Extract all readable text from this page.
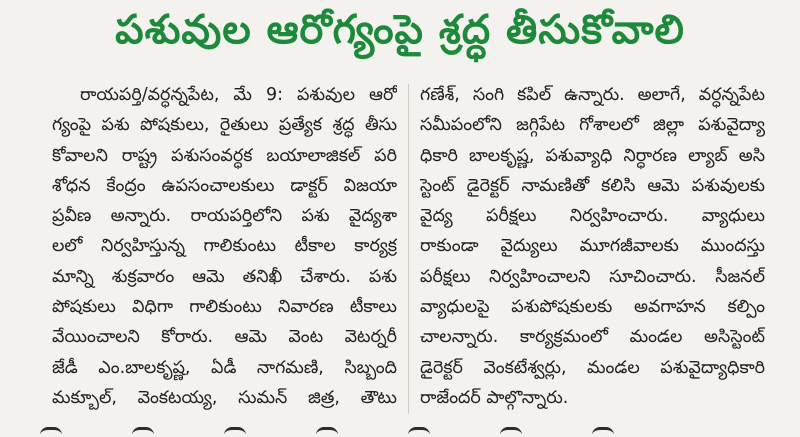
పశువుల ఆరోగ్యంపై శ్రద్ధ తీసుకోవాలి
రాయపర్తి/వర్ధన్నపేట, మే 9: పశువుల ఆరో
గ్యంపై పశు పోషకులు, రైతులు ప్రత్యేక శ్రద్ధ తీసు
కోవాలని రాష్ట్ర పశుసంవర్ధక బయాలాజికల్ పరి
శోధన కేంద్రం ఉపసంచాలకులు డాక్టర్ విజయా
ప్రవీణ అన్నారు. రాయపర్తిలోని పశు వైద్యశా
లలో నిర్వహిస్తున్న గాలికుంటు టీకాల కార్యక్ర
మాన్ని శుక్రవారం ఆమె తనిఖీ చేశారు. పశు
పోషకులు విధిగా గాలికుంటు నివారణ టీకాలు
వేయించాలని కోరారు. ఆమె వెంట వెటర్నరీ
జేడీ ఎం.బాలకృష్ణ, ఏడీ నాగమణి, సిబ్బంది
మక్బూల్, వెంకటయ్య, సుమన్ జిత్ర, తౌటు
గణేశ్, సంగి కపిల్ ఉన్నారు. అలాగే, వర్ధన్నపేట
సమీపంలోని జగ్గిపేట గోశాలలో జిల్లా పశువైద్యా
ధికారి బాలకృష్ణ, పశువ్యాధి నిర్ధారణ ల్యాబ్ అసి
స్టెంట్ డైరెక్టర్ నామణితో కలిసి ఆమె పశువులకు
వైద్య పరీక్షలు నిర్వహించారు. వ్యాధులు
రాకుండా వైద్యులు మూగజీవాలకు ముందస్తు
పరీక్షలు నిర్వహించాలని సూచించారు. సీజనల్
వ్యాధులపై పశుపోషకులకు అవగాహన కల్పిం
చాలన్నారు. కార్యక్రమంలో మండల అసిస్టెంట్
డైరెక్టర్ వెంకటేశ్వర్లు, మండల పశువైద్యాధికారి
రాజేందర్ పాల్గొన్నారు.
